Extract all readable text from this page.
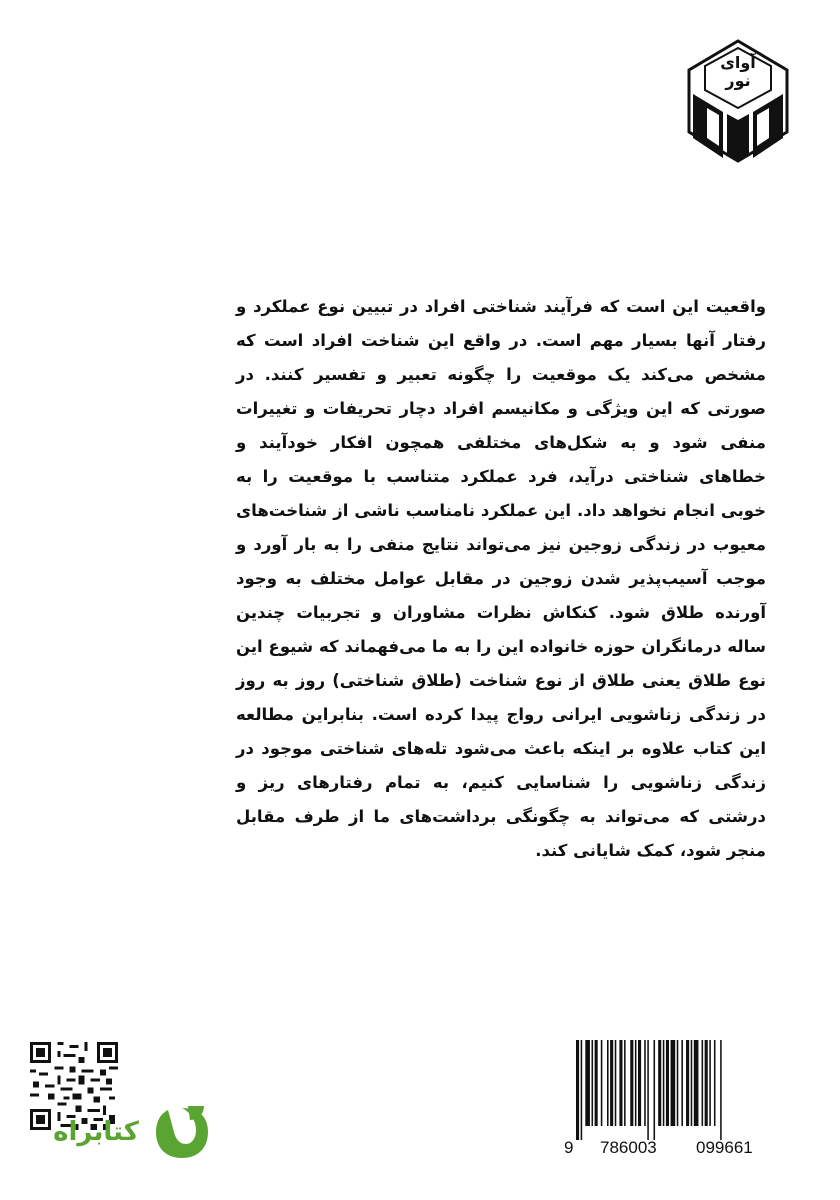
آوای
نور
واقعیت این است که فرآیند شناختی افراد در تبیین نوع عملکرد و رفتار آنها بسیار مهم است. در واقع این شناخت افراد است که مشخص می‌کند یک موقعیت را چگونه تعبیر و تفسیر کنند. در صورتی که این ویژگی و مکانیسم افراد دچار تحریفات و تغییرات منفی شود و به شکل‌های مختلفی همچون افکار خودآیند و خطاهای شناختی درآید، فرد عملکرد متناسب با موقعیت را به خوبی انجام نخواهد داد. این عملکرد نامناسب ناشی از شناخت‌های معیوب در زندگی زوجین نیز می‌تواند نتایج منفی را به بار آورد و موجب آسیب‌پذیر شدن زوجین در مقابل عوامل مختلف به وجود آورنده طلاق شود. کنکاش نظرات مشاوران و تجربیات چندین ساله درمانگران حوزه خانواده این را به ما می‌فهماند که شیوع این نوع طلاق یعنی طلاق از نوع شناخت (طلاق شناختی) روز به روز در زندگی زناشویی ایرانی رواج پیدا کرده است. بنابراین مطالعه این کتاب علاوه بر اینکه باعث می‌شود تله‌های شناختی موجود در زندگی زناشویی را شناسایی کنیم، به تمام رفتارهای ریز و درشتی که می‌تواند به چگونگی برداشت‌های ما از طرف مقابل منجر شود، کمک شایانی کند.
کتابراه
9 786003 099661
